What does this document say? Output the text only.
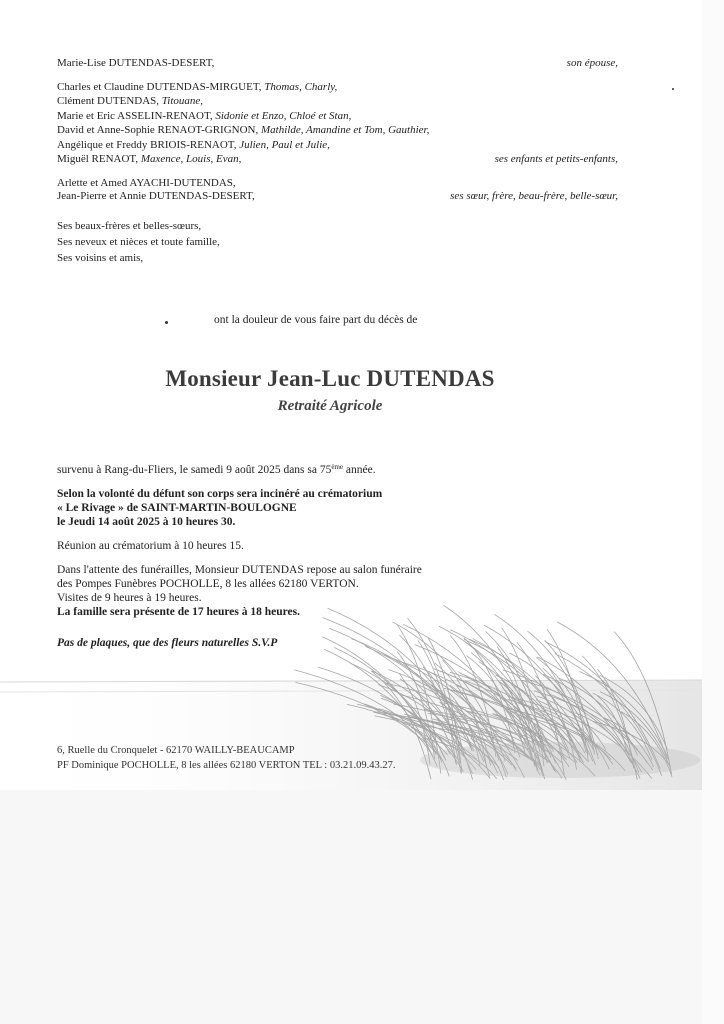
Marie-Lise DUTENDAS-DESERT,	son épouse,
Charles et Claudine DUTENDAS-MIRGUET, Thomas, Charly,
Clément DUTENDAS, Titouane,
Marie et Eric ASSELIN-RENAOT, Sidonie et Enzo, Chloé et Stan,
David et Anne-Sophie RENAOT-GRIGNON, Mathilde, Amandine et Tom, Gauthier,
Angélique et Freddy BRIOIS-RENAOT, Julien, Paul et Julie,
Miguël RENAOT, Maxence, Louis, Evan,	ses enfants et petits-enfants,
Arlette et Amed AYACHI-DUTENDAS,
Jean-Pierre et Annie DUTENDAS-DESERT,	ses sœur, frère, beau-frère, belle-sœur,
Ses beaux-frères et belles-sœurs,
Ses neveux et nièces et toute famille,
Ses voisins et amis,
ont la douleur de vous faire part du décès de
Monsieur Jean-Luc DUTENDAS
Retraité Agricole
survenu à Rang-du-Fliers, le samedi 9 août 2025 dans sa 75ème année.
Selon la volonté du défunt son corps sera incinéré au crématorium
« Le Rivage » de SAINT-MARTIN-BOULOGNE
le Jeudi 14 août 2025 à 10 heures 30.
Réunion au crématorium à 10 heures 15.
Dans l'attente des funérailles, Monsieur DUTENDAS repose au salon funéraire
des Pompes Funèbres POCHOLLE, 8 les allées 62180 VERTON.
Visites de 9 heures à 19 heures.
La famille sera présente de 17 heures à 18 heures.
Pas de plaques, que des fleurs naturelles S.V.P
6, Ruelle du Cronquelet - 62170 WAILLY-BEAUCAMP
PF Dominique POCHOLLE, 8 les allées 62180 VERTON TEL : 03.21.09.43.27.
